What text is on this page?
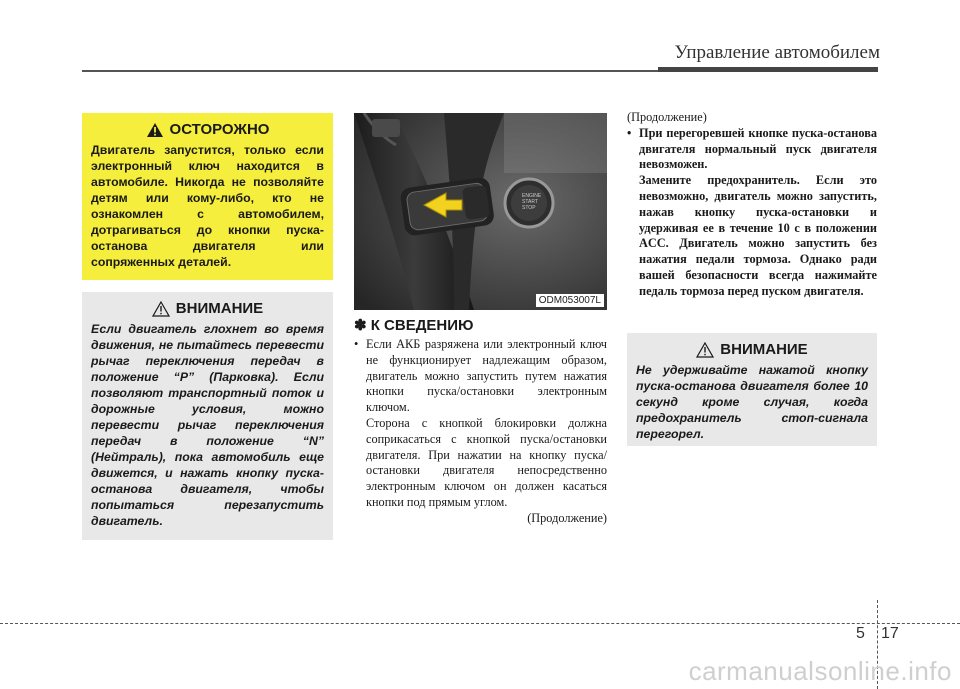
Управление автомобилем
ОСТОРОЖНО
Двигатель запустится, только если электронный ключ находится в автомобиле. Никогда не позволяйте детям или кому-либо, кто не ознакомлен с автомобилем, дотрагиваться до кнопки пуска-остановa двигателя или сопряженных деталей.
ВНИМАНИЕ
Если двигатель глохнет во время движения, не пытайтесь перевести рычаг переключения передач в положение “P” (Парковка). Если позволяют транспортный поток и дорожные условия, можно перевести рычаг переключения передач в положение “N” (Нейтраль), пока автомобиль еще движется, и нажать кнопку пуска-останова двигателя, чтобы попытаться перезапустить двигатель.
ENGINE
START
STOP
ODM053007L
✽ К СВЕДЕНИЮ
• Если АКБ разряжена или электронный ключ не функционирует надлежащим образом, двигатель можно запустить путем нажатия кнопки пуска/остановки электронным ключом.
Сторона с кнопкой блокировки должна соприкасаться с кнопкой пуска/остановки двигателя. При нажатии на кнопку пуска/остановки двигателя непосредственно электронным ключом он должен касаться кнопки под прямым углом.
(Продолжение)
(Продолжение)
• При перегоревшей кнопке пуска-останова двигателя нормальный пуск двигателя невозможен.
Замените предохранитель. Если это невозможно, двигатель можно запустить, нажав кнопку пуска-остановки и удерживая ее в течение 10 с в положении ACC. Двигатель можно запустить без нажатия педали тормоза. Однако ради вашей безопасности всегда нажимайте педаль тормоза перед пуском двигателя.
ВНИМАНИЕ
Не удерживайте нажатой кнопку пуска-останова двигателя более 10 секунд кроме случая, когда предохранитель стоп-сигнала перегорел.
5 17
carmanualsonline.info
